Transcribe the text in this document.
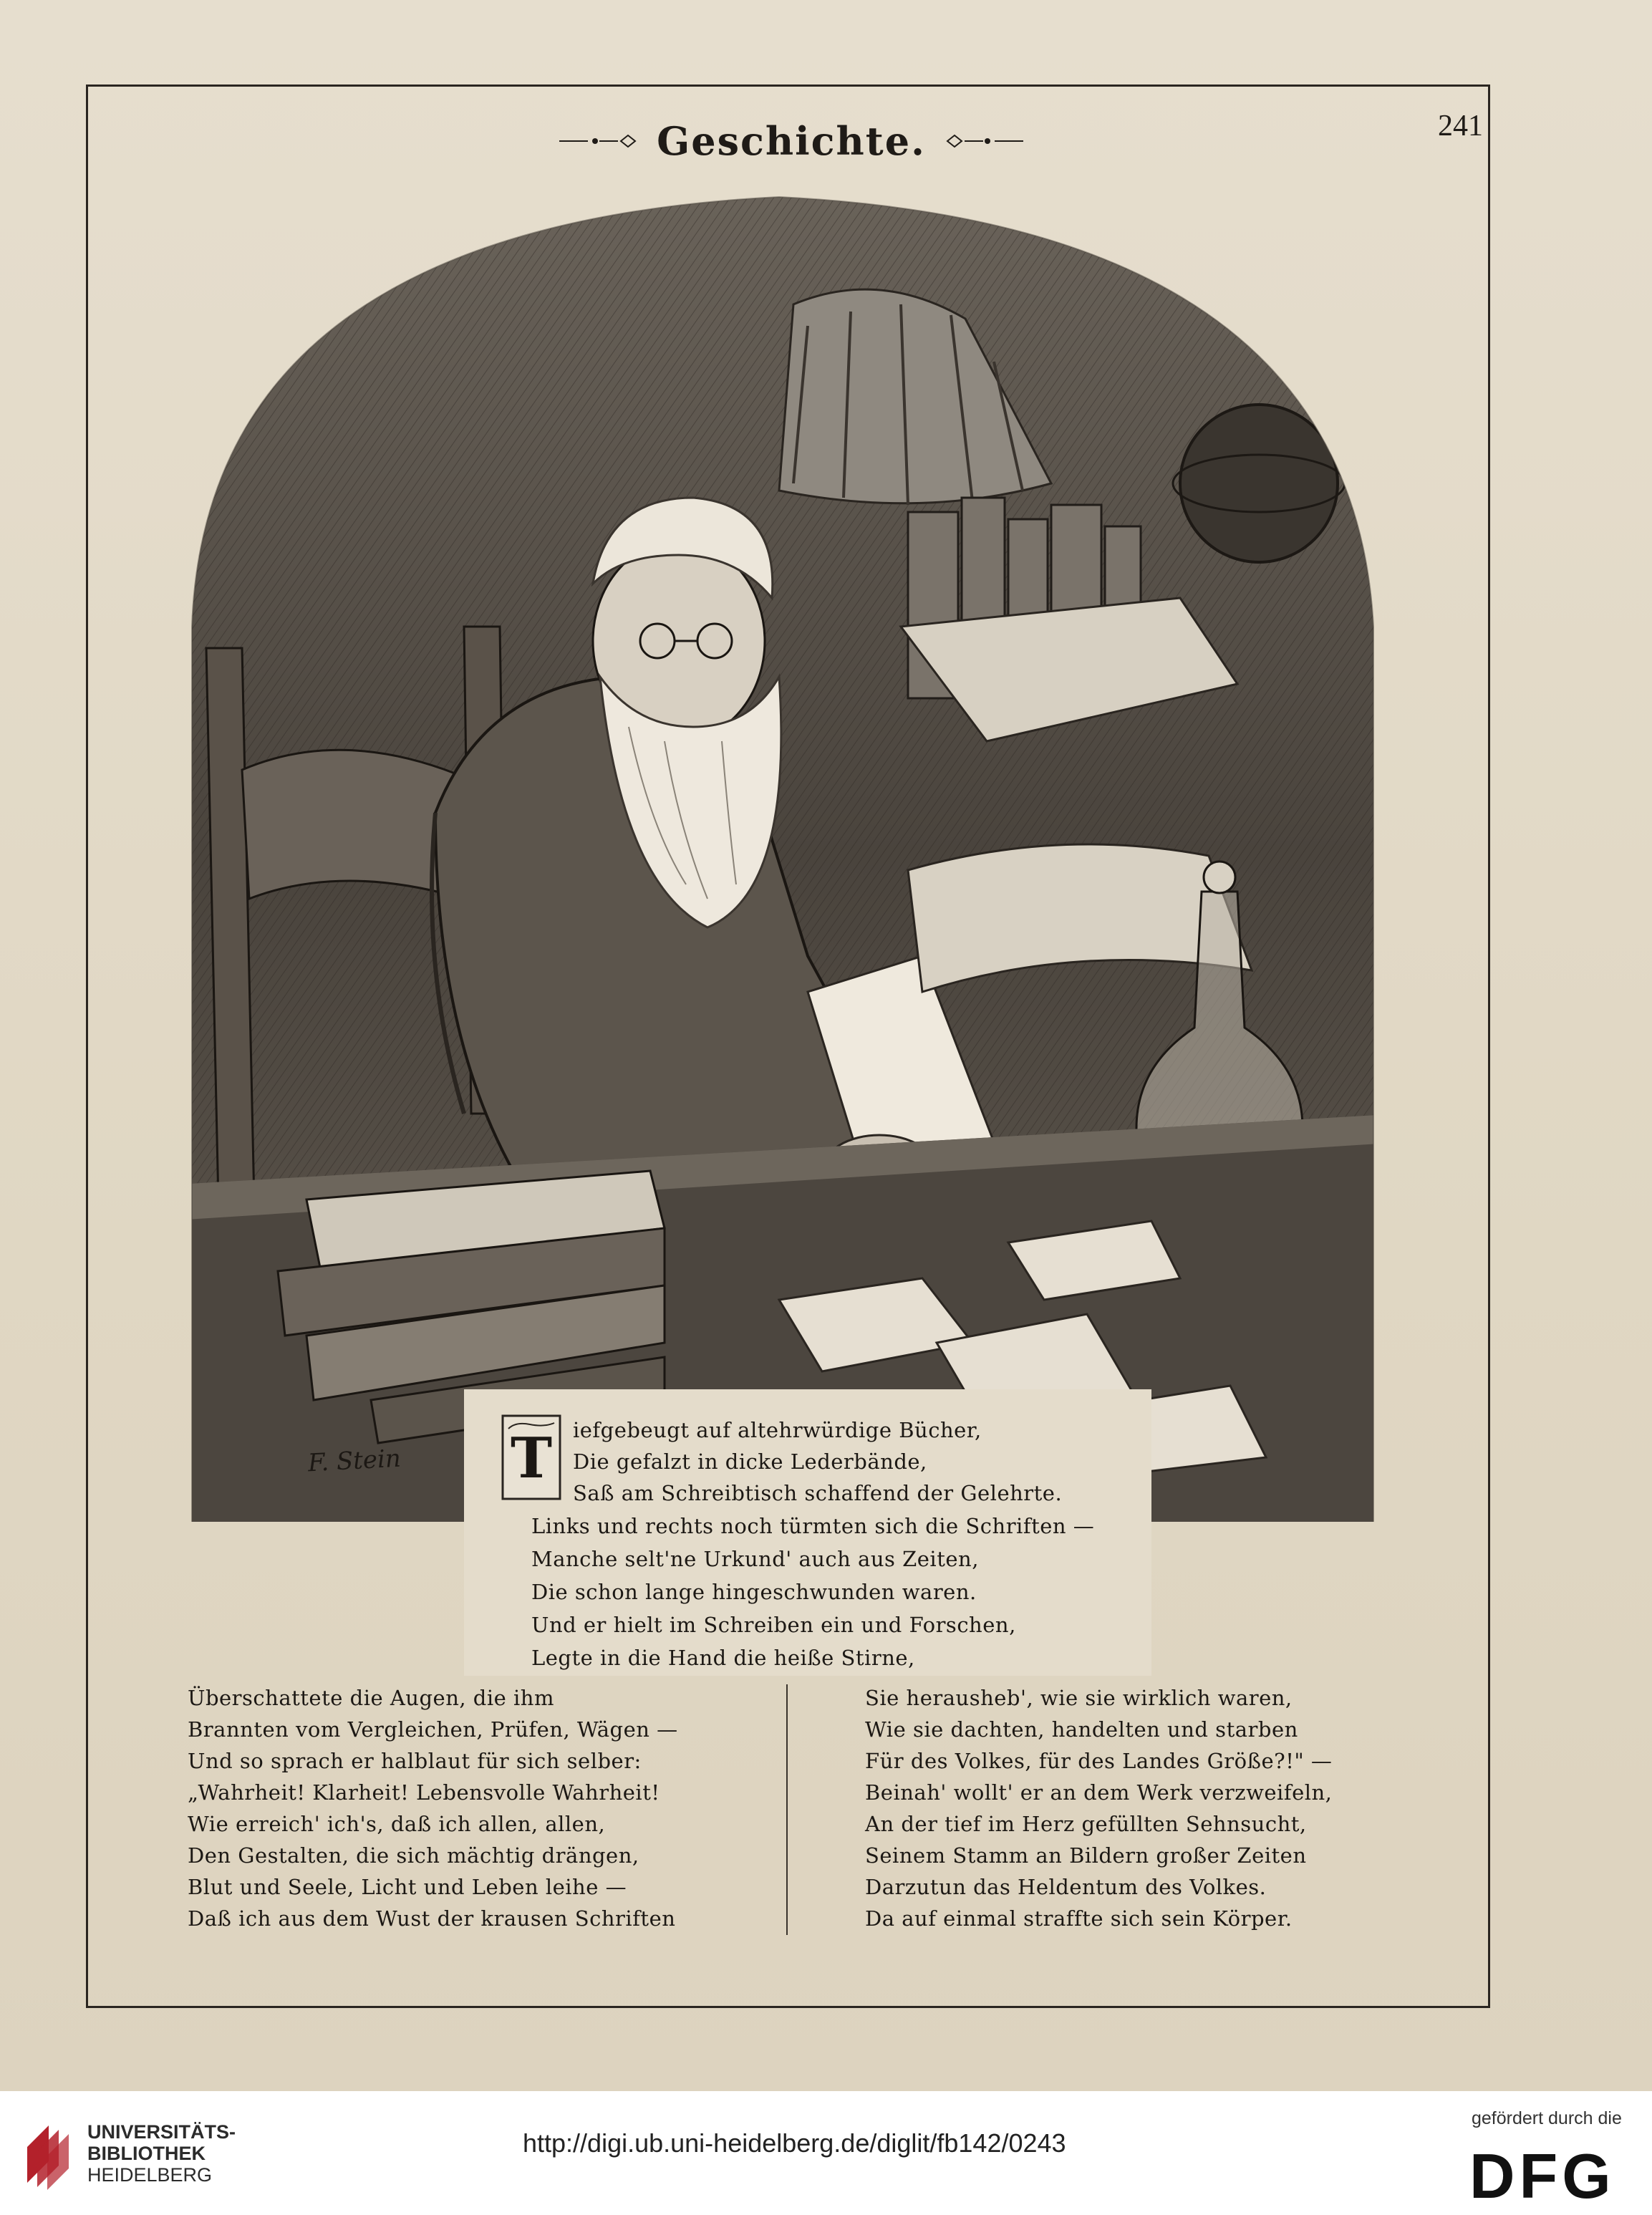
Geschichte.	241
F. Stein T iefgebeugt auf altehrwürdige Bücher,
Die gefalzt in dicke Lederbände,
Saß am Schreibtisch schaffend der Gelehrte.
Links und rechts noch türmten sich die Schriften —
Manche selt'ne Urkund' auch aus Zeiten,
Die schon lange hingeschwunden waren.
Und er hielt im Schreiben ein und Forschen,
Legte in die Hand die heiße Stirne,
Überschattete die Augen, die ihm
Brannten vom Vergleichen, Prüfen, Wägen —
Und so sprach er halblaut für sich selber:
„Wahrheit! Klarheit! Lebensvolle Wahrheit!
Wie erreich' ich's, daß ich allen, allen,
Den Gestalten, die sich mächtig drängen,
Blut und Seele, Licht und Leben leihe —
Daß ich aus dem Wust der krausen Schriften
Sie herausheb', wie sie wirklich waren,
Wie sie dachten, handelten und starben
Für des Volkes, für des Landes Größe?!" —
Beinah' wollt' er an dem Werk verzweifeln,
An der tief im Herz gefüllten Sehnsucht,
Seinem Stamm an Bildern großer Zeiten
Darzutun das Heldentum des Volkes.
Da auf einmal straffte sich sein Körper.
UNIVERSITÄTS-
BIBLIOTHEK
HEIDELBERG
http://digi.ub.uni-heidelberg.de/diglit/fb142/0243
gefördert durch die
DFG
